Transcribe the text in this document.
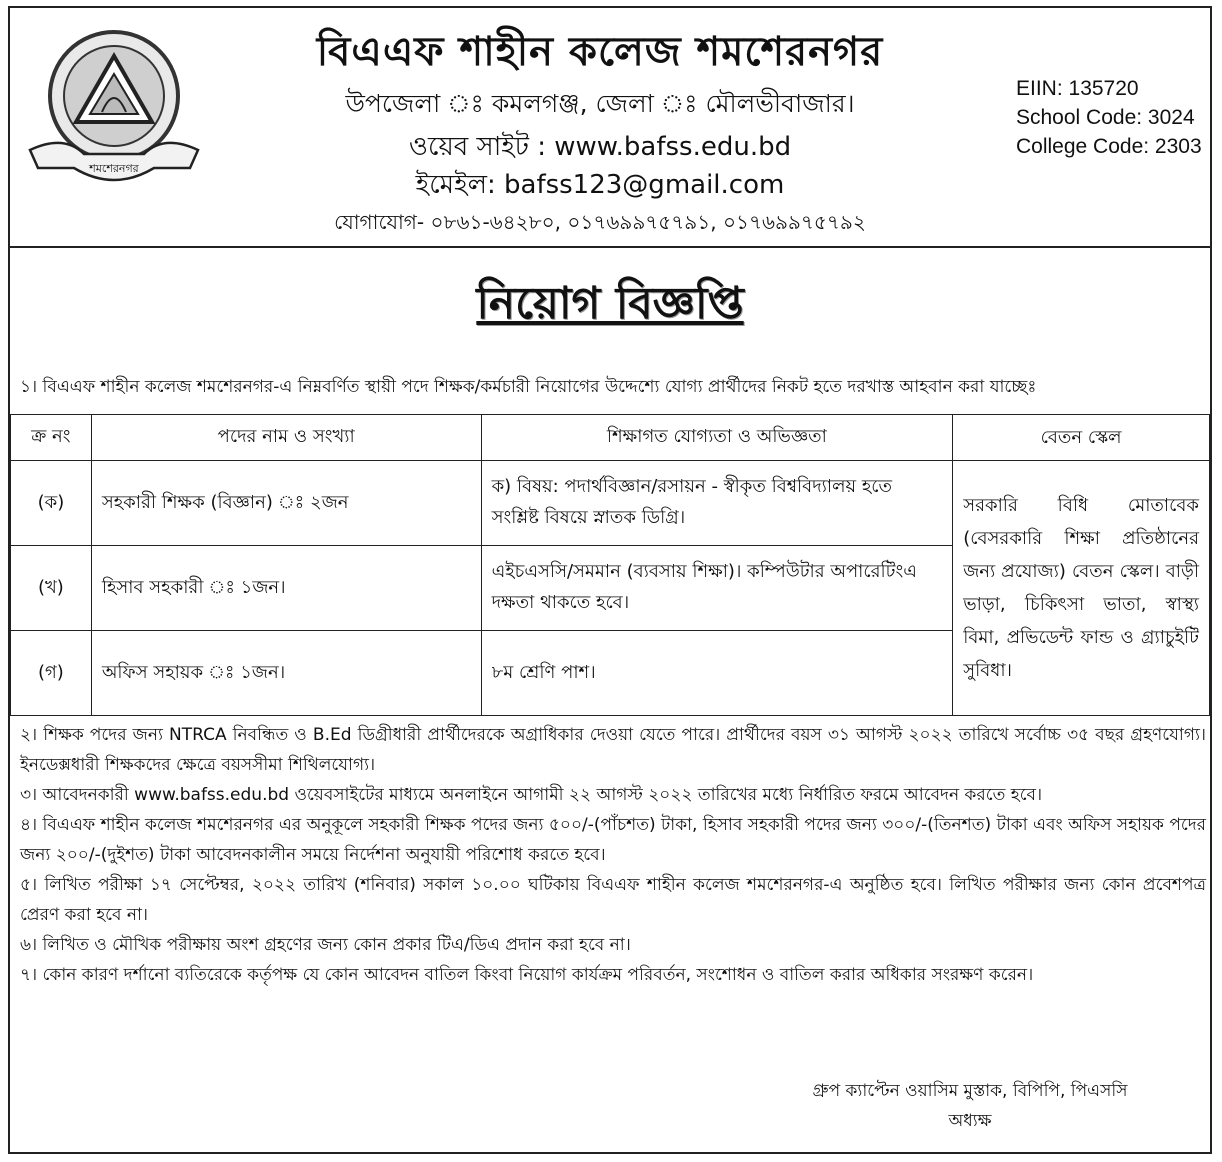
শমশেরনগর
বিএএফ শাহীন কলেজ শমশেরনগর
উপজেলা ঃ কমলগঞ্জ, জেলা ঃ মৌলভীবাজার।
ওয়েব সাইট : www.bafss.edu.bd
ইমেইল: bafss123@gmail.com
যোগাযোগ- ০৮৬১-৬৪২৮০, ০১৭৬৯৯৭৫৭৯১, ০১৭৬৯৯৭৫৭৯২
EIIN: 135720
School Code: 3024
College Code: 2303
নিয়োগ বিজ্ঞপ্তি
১। বিএএফ শাহীন কলেজ শমশেরনগর-এ নিম্নবর্ণিত স্থায়ী পদে শিক্ষক/কর্মচারী নিয়োগের উদ্দেশ্যে যোগ্য প্রার্থীদের নিকট হতে দরখাস্ত আহবান করা যাচ্ছেঃ
ক্র নং	পদের নাম ও সংখ্যা	শিক্ষাগত যোগ্যতা ও অভিজ্ঞতা	বেতন স্কেল
(ক)	সহকারী শিক্ষক (বিজ্ঞান) ঃ ২জন	ক) বিষয়: পদার্থবিজ্ঞান/রসায়ন - স্বীকৃত বিশ্ববিদ্যালয় হতে সংশ্লিষ্ট বিষয়ে স্নাতক ডিগ্রি।	সরকারি বিধি মোতাবেক (বেসরকারি শিক্ষা প্রতিষ্ঠানের জন্য প্রযোজ্য) বেতন স্কেল। বাড়ী ভাড়া, চিকিৎসা ভাতা, স্বাস্থ্য বিমা, প্রভিডেন্ট ফান্ড ও গ্র্যাচুইটি সুবিধা।
(খ)	হিসাব সহকারী ঃ ১জন।	এইচএসসি/সমমান (ব্যবসায় শিক্ষা)। কম্পিউটার অপারেটিংএ দক্ষতা থাকতে হবে।	
(গ)	অফিস সহায়ক ঃ ১জন।	৮ম শ্রেণি পাশ।	

২। শিক্ষক পদের জন্য NTRCA নিবন্ধিত ও B.Ed ডিগ্রীধারী প্রার্থীদেরকে অগ্রাধিকার দেওয়া যেতে পারে। প্রার্থীদের বয়স ৩১ আগস্ট ২০২২ তারিখে সর্বোচ্চ ৩৫ বছর গ্রহণযোগ্য। ইনডেক্সধারী শিক্ষকদের ক্ষেত্রে বয়সসীমা শিথিলযোগ্য।

৩। আবেদনকারী www.bafss.edu.bd ওয়েবসাইটের মাধ্যমে অনলাইনে আগামী ২২ আগস্ট ২০২২ তারিখের মধ্যে নির্ধারিত ফরমে আবেদন করতে হবে।

৪। বিএএফ শাহীন কলেজ শমশেরনগর এর অনুকূলে সহকারী শিক্ষক পদের জন্য ৫০০/-(পাঁচশত) টাকা, হিসাব সহকারী পদের জন্য ৩০০/-(তিনশত) টাকা এবং অফিস সহায়ক পদের জন্য ২০০/-(দুইশত) টাকা আবেদনকালীন সময়ে নির্দেশনা অনুযায়ী পরিশোধ করতে হবে।

৫। লিখিত পরীক্ষা ১৭ সেপ্টেম্বর, ২০২২ তারিখ (শনিবার) সকাল ১০.০০ ঘটিকায় বিএএফ শাহীন কলেজ শমশেরনগর-এ অনুষ্ঠিত হবে। লিখিত পরীক্ষার জন্য কোন প্রবেশপত্র প্রেরণ করা হবে না।

৬। লিখিত ও মৌখিক পরীক্ষায় অংশ গ্রহণের জন্য কোন প্রকার টিএ/ডিএ প্রদান করা হবে না।

৭। কোন কারণ দর্শানো ব্যতিরেকে কর্তৃপক্ষ যে কোন আবেদন বাতিল কিংবা নিয়োগ কার্যক্রম পরিবর্তন, সংশোধন ও বাতিল করার অধিকার সংরক্ষণ করেন।

গ্রুপ ক্যাপ্টেন ওয়াসিম মুস্তাক, বিপিপি, পিএসসি
অধ্যক্ষ
